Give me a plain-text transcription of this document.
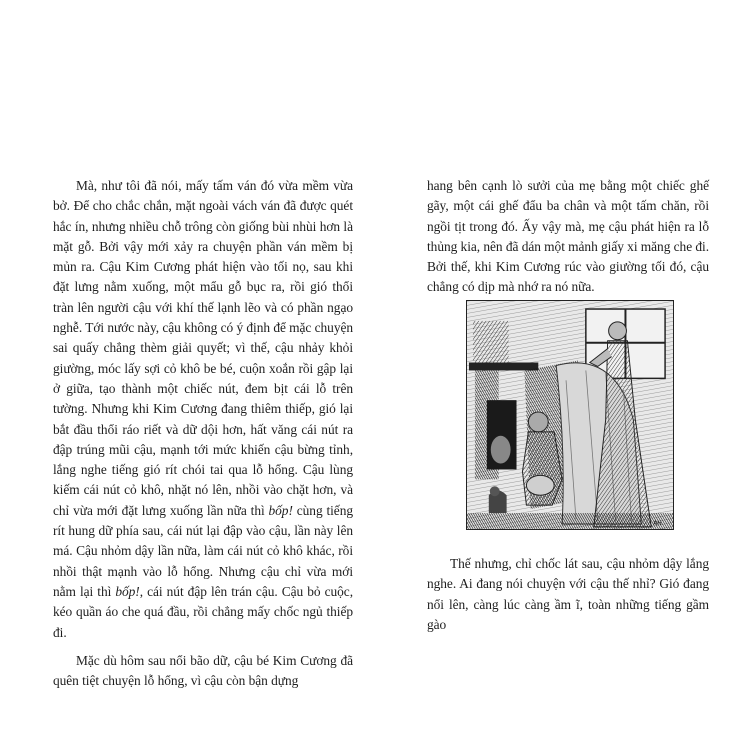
Mà, như tôi đã nói, mấy tấm ván đó vừa mềm vừa bở. Để cho chắc chắn, mặt ngoài vách ván đã được quét hắc ín, nhưng nhiều chỗ trông còn giống bùi nhùi hơn là mặt gỗ. Bởi vậy mới xảy ra chuyện phần ván mềm bị mủn ra. Cậu Kim Cương phát hiện vào tối nọ, sau khi đặt lưng nằm xuống, một mẩu gỗ bục ra, rồi gió thổi tràn lên người cậu với khí thế lạnh lẽo và có phần ngạo nghễ. Tới nước này, cậu không có ý định để mặc chuyện sai quấy chẳng thèm giải quyết; vì thế, cậu nhảy khỏi giường, móc lấy sợi cỏ khô be bé, cuộn xoắn rồi gập lại ở giữa, tạo thành một chiếc nút, đem bịt cái lỗ trên tường. Nhưng khi Kim Cương đang thiêm thiếp, gió lại bắt đầu thổi ráo riết và dữ dội hơn, hất văng cái nút ra đập trúng mũi cậu, mạnh tới mức khiến cậu bừng tỉnh, lắng nghe tiếng gió rít chói tai qua lỗ hổng. Cậu lùng kiếm cái nút cỏ khô, nhặt nó lên, nhồi vào chặt hơn, và chỉ vừa mới đặt lưng xuống lần nữa thì bốp! cùng tiếng rít hung dữ phía sau, cái nút lại đập vào cậu, lần này lên má. Cậu nhỏm dậy lần nữa, làm cái nút cỏ khô khác, rồi nhồi thật mạnh vào lỗ hổng. Nhưng cậu chỉ vừa mới nằm lại thì bốp!, cái nút đập lên trán cậu. Cậu bỏ cuộc, kéo quần áo che quá đầu, rồi chẳng mấy chốc ngủ thiếp đi.

Mặc dù hôm sau nổi bão dữ, cậu bé Kim Cương đã quên tiệt chuyện lỗ hổng, vì cậu còn bận dựng

hang bên cạnh lò sưởi của mẹ bằng một chiếc ghế gãy, một cái ghế đẩu ba chân và một tấm chăn, rồi ngồi tịt trong đó. Ấy vậy mà, mẹ cậu phát hiện ra lỗ thủng kia, nên đã dán một mảnh giấy xi măng che đi. Bởi thế, khi Kim Cương rúc vào giường tối đó, cậu chẳng có dịp mà nhớ ra nó nữa.

AH

Thế nhưng, chỉ chốc lát sau, cậu nhỏm dậy lắng nghe. Ai đang nói chuyện với cậu thế nhỉ? Gió đang nổi lên, càng lúc càng ầm ĩ, toàn những tiếng gầm gào
